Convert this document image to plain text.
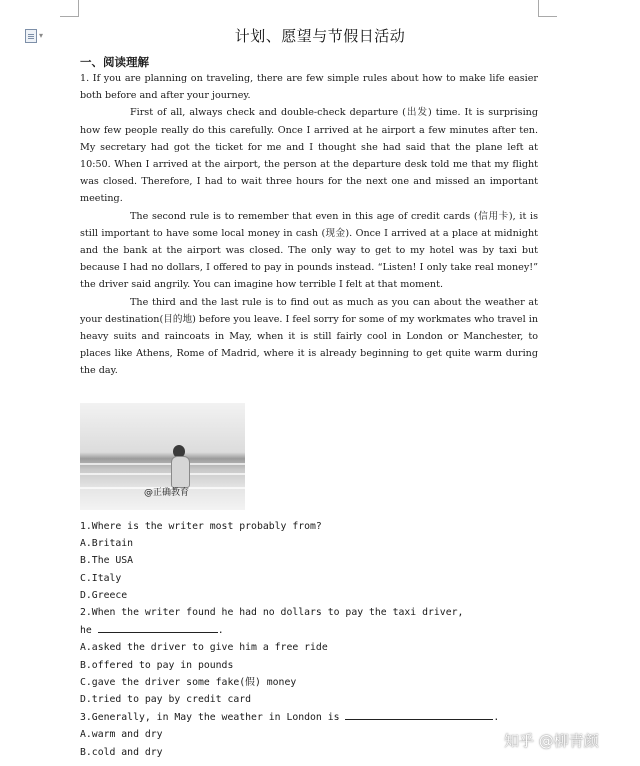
▾	计划、愿望与节假日活动
一、阅读理解

1. If you are planning on traveling, there are few simple rules about how to make life easier both before and after your journey.

First of all, always check and double-check departure (出发) time. It is surprising how few people really do this carefully. Once I arrived at he airport a few minutes after ten. My secretary had got the ticket for me and I thought she had said that the plane left at 10:50. When I arrived at the airport, the person at the departure desk told me that my flight was closed. Therefore, I had to wait three hours for the next one and missed an important meeting.

The second rule is to remember that even in this age of credit cards (信用卡), it is still important to have some local money in cash (现金). Once I arrived at a place at midnight and the bank at the airport was closed. The only way to get to my hotel was by taxi but because I had no dollars, I offered to pay in pounds instead. “Listen! I only take real money!” the driver said angrily. You can imagine how terrible I felt at that moment.

The third and the last rule is to find out as much as you can about the weather at your destination(目的地) before you leave. I feel sorry for some of my workmates who travel in heavy suits and raincoats in May, when it is still fairly cool in London or Manchester, to places like Athens, Rome of Madrid, where it is already beginning to get quite warm during the day.

@正确教育
1.Where is the writer most probably from?
A.Britain
B.The USA
C.Italy
D.Greece
2.When the writer found he had no dollars to pay the taxi driver,
he	.
A.asked the driver to give him a free ride
B.offered to pay in pounds
C.gave the driver some fake(假) money
D.tried to pay by credit card
3.Generally, in May the weather in London is	.
A.warm and dry
B.cold and dry
知乎 @柳青颜
